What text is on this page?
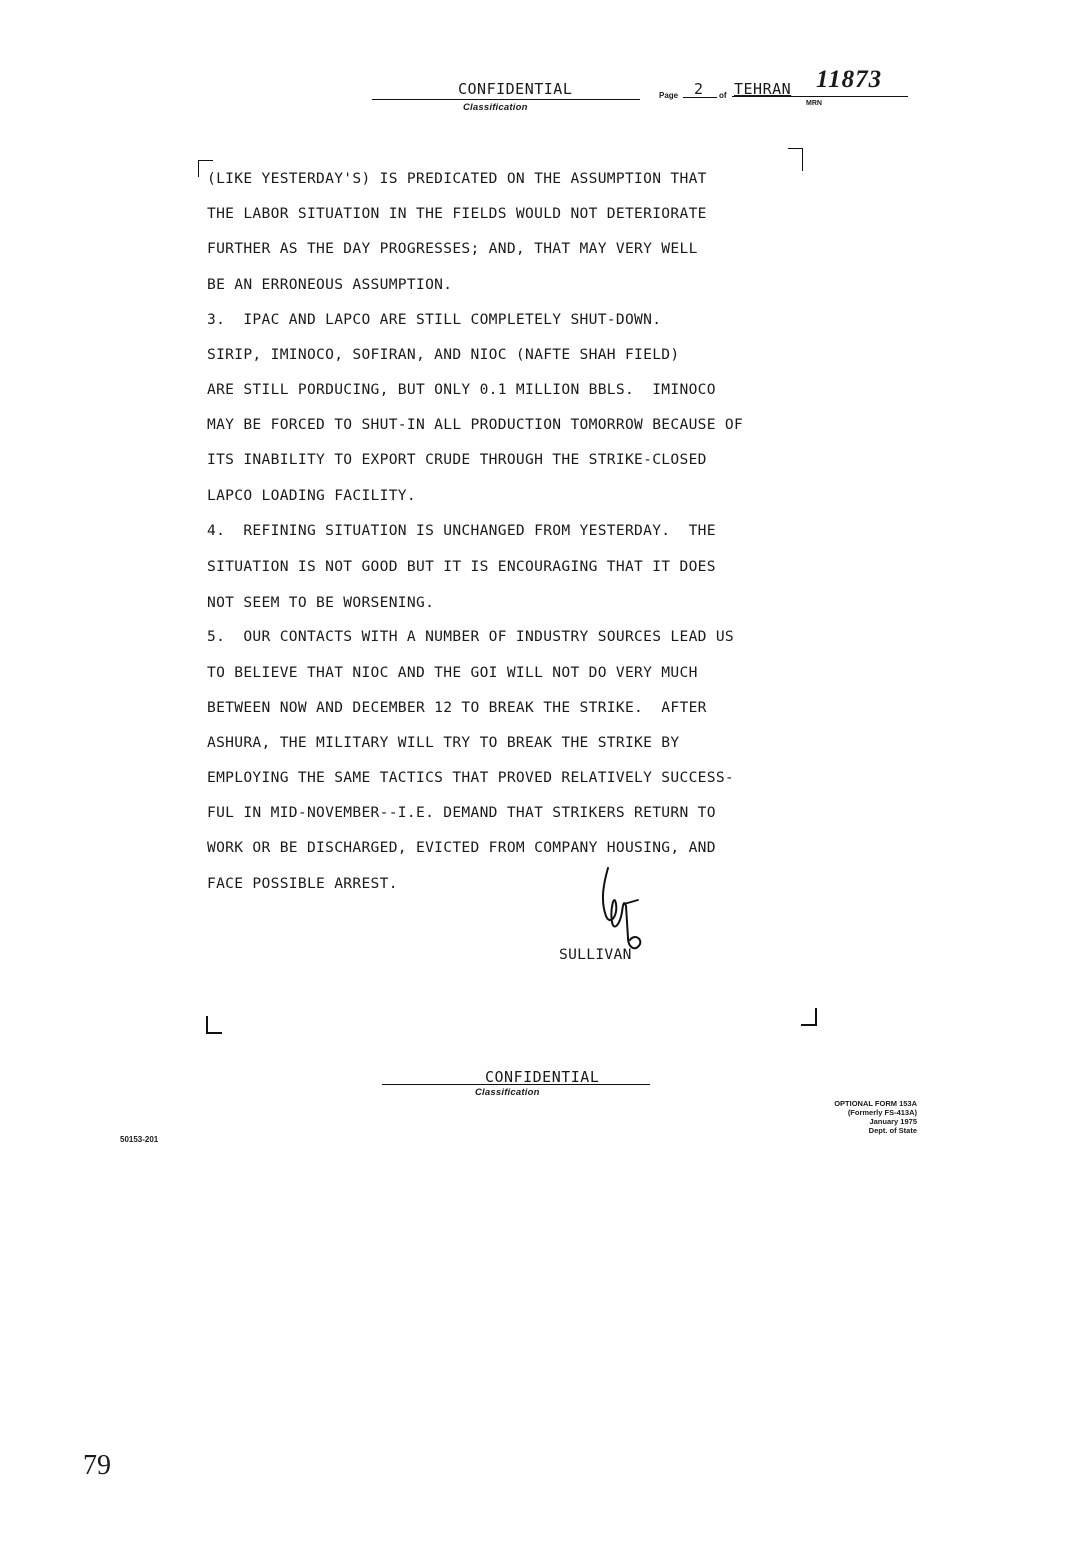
CONFIDENTIAL
Classification
Page 2 of TEHRAN
MRN
11873
(LIKE YESTERDAY'S) IS PREDICATED ON THE ASSUMPTION THAT
THE LABOR SITUATION IN THE FIELDS WOULD NOT DETERIORATE
FURTHER AS THE DAY PROGRESSES; AND, THAT MAY VERY WELL
BE AN ERRONEOUS ASSUMPTION.
3.  IPAC AND LAPCO ARE STILL COMPLETELY SHUT-DOWN.
SIRIP, IMINOCO, SOFIRAN, AND NIOC (NAFTE SHAH FIELD)
ARE STILL PORDUCING, BUT ONLY 0.1 MILLION BBLS.  IMINOCO
MAY BE FORCED TO SHUT-IN ALL PRODUCTION TOMORROW BECAUSE OF
ITS INABILITY TO EXPORT CRUDE THROUGH THE STRIKE-CLOSED
LAPCO LOADING FACILITY.
4.  REFINING SITUATION IS UNCHANGED FROM YESTERDAY.  THE
SITUATION IS NOT GOOD BUT IT IS ENCOURAGING THAT IT DOES
NOT SEEM TO BE WORSENING.
5.  OUR CONTACTS WITH A NUMBER OF INDUSTRY SOURCES LEAD US
TO BELIEVE THAT NIOC AND THE GOI WILL NOT DO VERY MUCH
BETWEEN NOW AND DECEMBER 12 TO BREAK THE STRIKE.  AFTER
ASHURA, THE MILITARY WILL TRY TO BREAK THE STRIKE BY
EMPLOYING THE SAME TACTICS THAT PROVED RELATIVELY SUCCESS-
FUL IN MID-NOVEMBER--I.E. DEMAND THAT STRIKERS RETURN TO
WORK OR BE DISCHARGED, EVICTED FROM COMPANY HOUSING, AND
FACE POSSIBLE ARREST.
SULLIVAN
CONFIDENTIAL
Classification
50153-201
OPTIONAL FORM 153A
(Formerly FS-413A)
January 1975
Dept. of State
79
